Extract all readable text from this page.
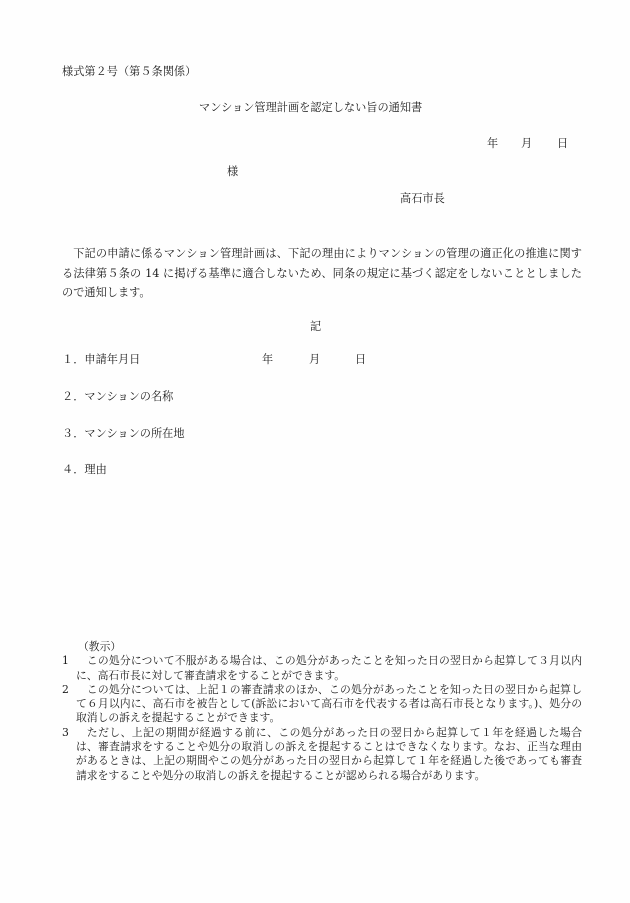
様式第２号（第５条関係）
マンション管理計画を認定しない旨の通知書
年 月 日
様
高石市長

下記の申請に係るマンション管理計画は、下記の理由によりマンションの管理の適正化の推進に関する法律第５条の 14 に掲げる基準に適合しないため、同条の規定に基づく認定をしないこととしましたので通知します。

記
１．申請年月日	年	月	日
２．マンションの名称
３．マンションの所在地
４．理由
（教示）
1	この処分について不服がある場合は、この処分があったことを知った日の翌日から起算して３月以内に、高石市長に対して審査請求をすることができます。
2	この処分については、上記１の審査請求のほか、この処分があったことを知った日の翌日から起算して６月以内に、高石市を被告として(訴訟において高石市を代表する者は高石市長となります。)、処分の取消しの訴えを提起することができます。
3	ただし、上記の期間が経過する前に、この処分があった日の翌日から起算して１年を経過した場合は、審査請求をすることや処分の取消しの訴えを提起することはできなくなります。なお、正当な理由があるときは、上記の期間やこの処分があった日の翌日から起算して１年を経過した後であっても審査請求をすることや処分の取消しの訴えを提起することが認められる場合があります。
